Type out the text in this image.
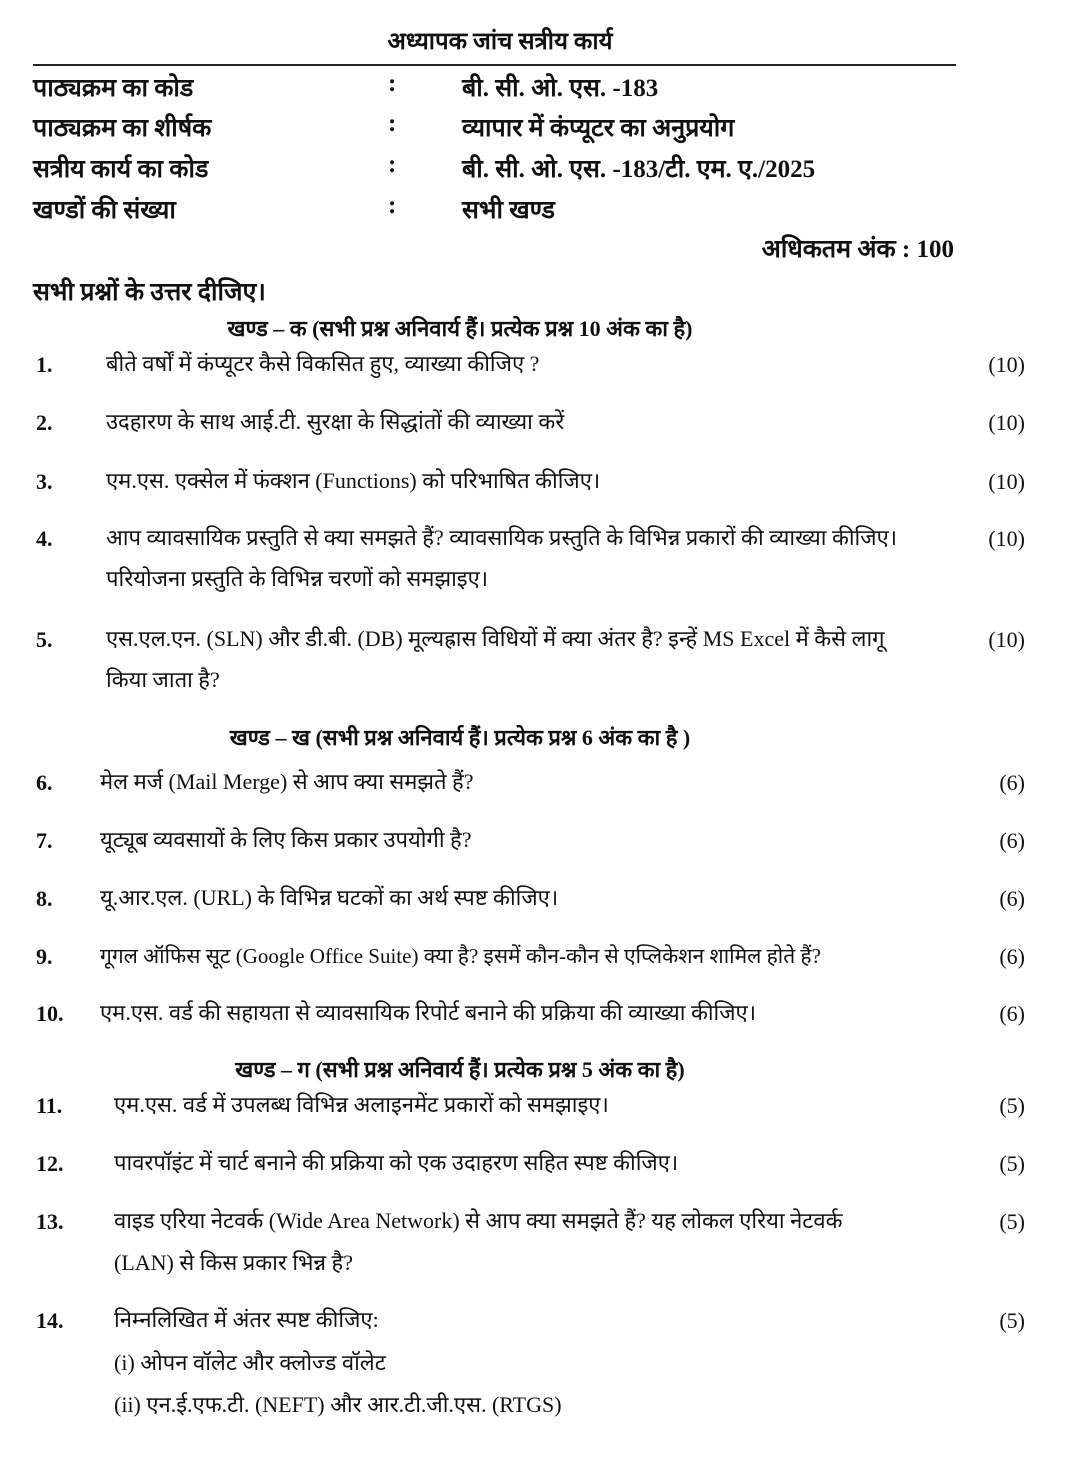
अध्यापक जांच सत्रीय कार्य
पाठ्यक्रम का कोड	:	बी. सी. ओ. एस. -183
पाठ्यक्रम का शीर्षक	:	व्यापार में कंप्यूटर का अनुप्रयोग
सत्रीय कार्य का कोड	:	बी. सी. ओ. एस. -183/टी. एम. ए./2025
खण्डों की संख्या	:	सभी खण्ड
अधिकतम अंक : 100
सभी प्रश्नों के उत्तर दीजिए।
खण्ड – क (सभी प्रश्न अनिवार्य हैं। प्रत्येक प्रश्न 10 अंक का है)
1. बीते वर्षों में कंप्यूटर कैसे विकसित हुए, व्याख्या कीजिए ?	(10)
2. उदहारण के साथ आई.टी. सुरक्षा के सिद्धांतों की व्याख्या करें	(10)
3. एम.एस. एक्सेल में फंक्शन (Functions) को परिभाषित कीजिए।	(10)
4. आप व्यावसायिक प्रस्तुति से क्या समझते हैं? व्यावसायिक प्रस्तुति के विभिन्न प्रकारों की व्याख्या कीजिए।
परियोजना प्रस्तुति के विभिन्न चरणों को समझाइए।
(10)
5. एस.एल.एन. (SLN) और डी.बी. (DB) मूल्यह्रास विधियों में क्या अंतर है? इन्हें MS Excel में कैसे लागू
किया जाता है?
(10)
खण्ड – ख (सभी प्रश्न अनिवार्य हैं। प्रत्येक प्रश्न 6 अंक का है )
6. मेल मर्ज (Mail Merge) से आप क्या समझते हैं?	(6)
7. यूट्यूब व्यवसायों के लिए किस प्रकार उपयोगी है?	(6)
8. यू.आर.एल. (URL) के विभिन्न घटकों का अर्थ स्पष्ट कीजिए।	(6)
9. गूगल ऑफिस सूट (Google Office Suite) क्या है? इसमें कौन-कौन से एप्लिकेशन शामिल होते हैं?	(6)
10. एम.एस. वर्ड की सहायता से व्यावसायिक रिपोर्ट बनाने की प्रक्रिया की व्याख्या कीजिए।	(6)
खण्ड – ग (सभी प्रश्न अनिवार्य हैं। प्रत्येक प्रश्न 5 अंक का है)
11. एम.एस. वर्ड में उपलब्ध विभिन्न अलाइनमेंट प्रकारों को समझाइए।	(5)
12. पावरपॉइंट में चार्ट बनाने की प्रक्रिया को एक उदाहरण सहित स्पष्ट कीजिए।	(5)
13. वाइड एरिया नेटवर्क (Wide Area Network) से आप क्या समझते हैं? यह लोकल एरिया नेटवर्क
(LAN) से किस प्रकार भिन्न है?
(5)
14. निम्नलिखित में अंतर स्पष्ट कीजिए:
(i) ओपन वॉलेट और क्लोज्ड वॉलेट
(ii) एन.ई.एफ.टी. (NEFT) और आर.टी.जी.एस. (RTGS)
(5)
